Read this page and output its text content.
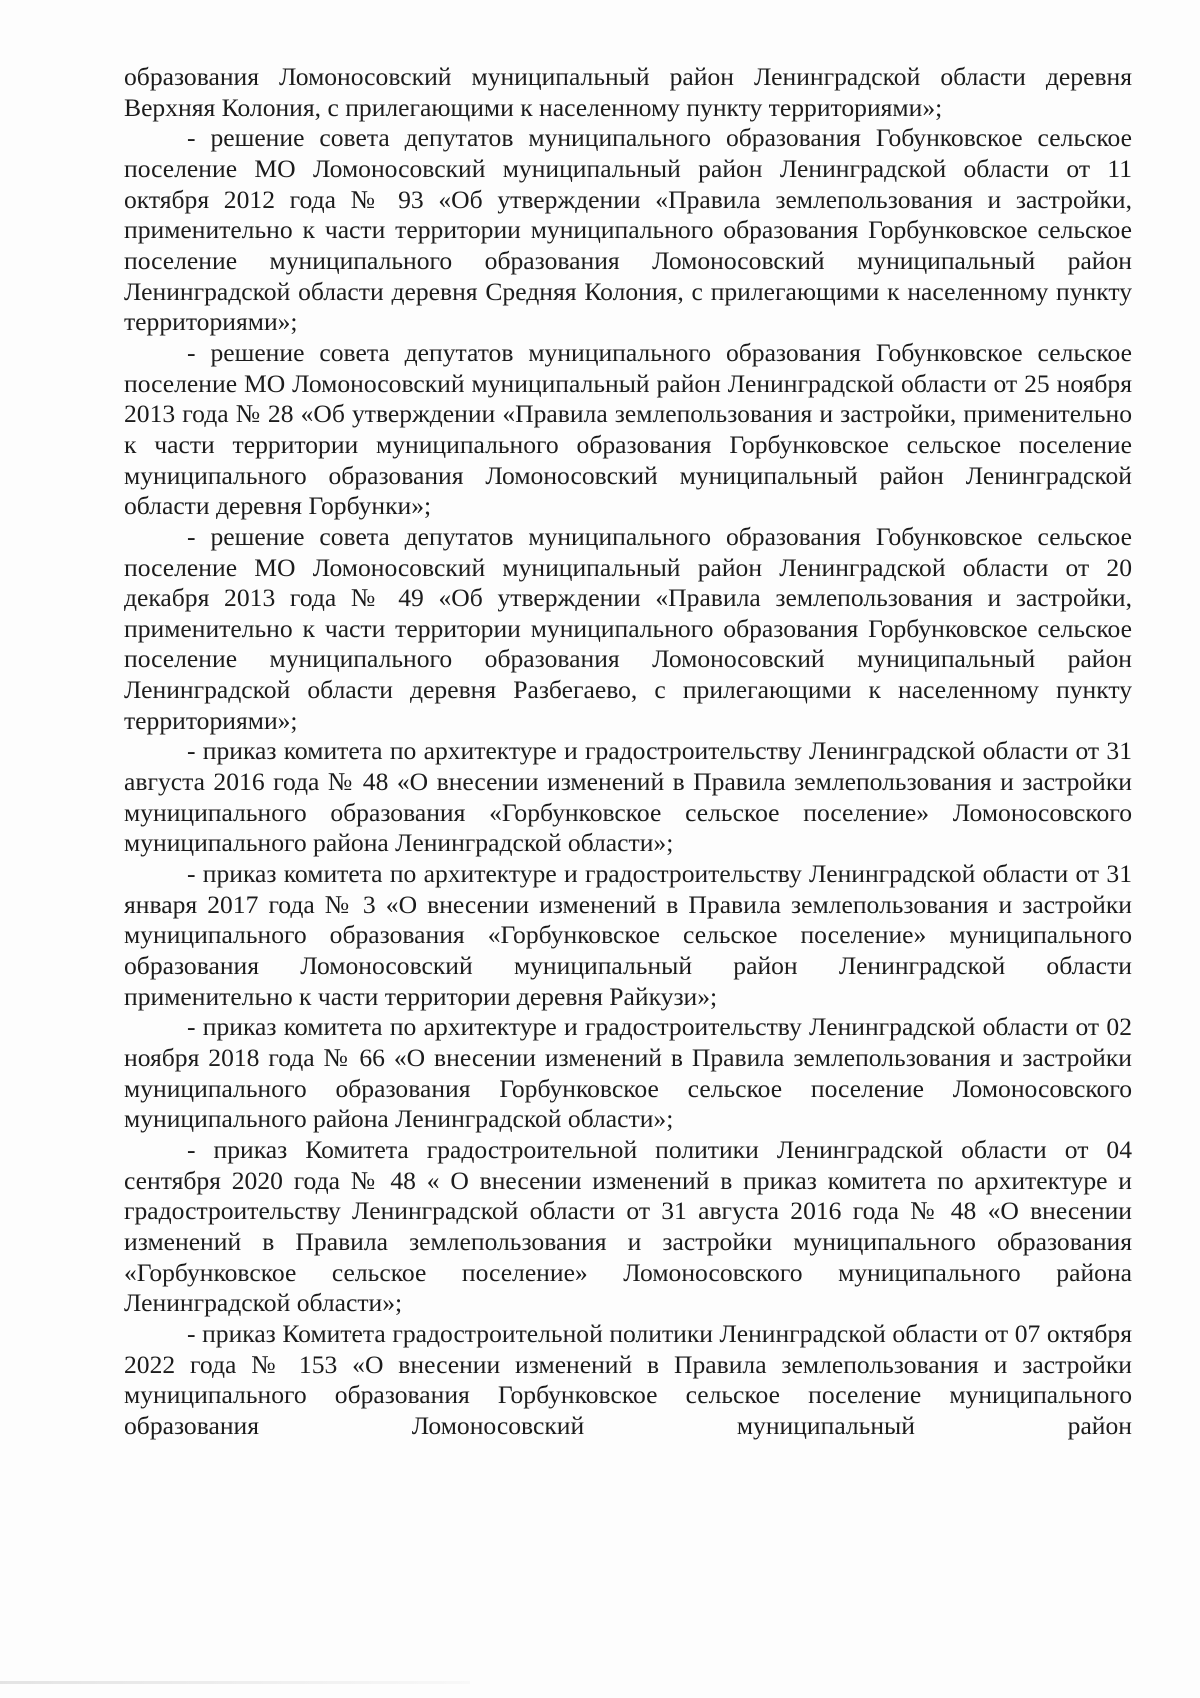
образования Ломоносовский муниципальный район Ленинградской области деревня Верхняя Колония, с прилегающими к населенному пункту территориями»;

- решение совета депутатов муниципального образования Гобунковское сельское поселение МО Ломоносовский муниципальный район Ленинградской области от 11 октября 2012 года № 93 «Об утверждении «Правила землепользования и застройки, применительно к части территории муниципального образования Горбунковское сельское поселение муниципального образования Ломоносовский муниципальный район Ленинградской области деревня Средняя Колония, с прилегающими к населенному пункту территориями»;

- решение совета депутатов муниципального образования Гобунковское сельское поселение МО Ломоносовский муниципальный район Ленинградской области от 25 ноября 2013 года № 28 «Об утверждении «Правила землепользования и застройки, применительно к части территории муниципального образования Горбунковское сельское поселение муниципального образования Ломоносовский муниципальный район Ленинградской области деревня Горбунки»;

- решение совета депутатов муниципального образования Гобунковское сельское поселение МО Ломоносовский муниципальный район Ленинградской области от 20 декабря 2013 года № 49 «Об утверждении «Правила землепользования и застройки, применительно к части территории муниципального образования Горбунковское сельское поселение муниципального образования Ломоносовский муниципальный район Ленинградской области деревня Разбегаево, с прилегающими к населенному пункту территориями»;

- приказ комитета по архитектуре и градостроительству Ленинградской области от 31 августа 2016 года № 48 «О внесении изменений в Правила землепользования и застройки муниципального образования «Горбунковское сельское поселение» Ломоносовского муниципального района Ленинградской области»;

- приказ комитета по архитектуре и градостроительству Ленинградской области от 31 января 2017 года № 3 «О внесении изменений в Правила землепользования и застройки муниципального образования «Горбунковское сельское поселение» муниципального образования Ломоносовский муниципальный район Ленинградской области применительно к части территории деревня Райкузи»;

- приказ комитета по архитектуре и градостроительству Ленинградской области от 02 ноября 2018 года № 66 «О внесении изменений в Правила землепользования и застройки муниципального образования Горбунковское сельское поселение Ломоносовского муниципального района Ленинградской области»;

- приказ Комитета градостроительной политики Ленинградской области от 04 сентября 2020 года № 48 « О внесении изменений в приказ комитета по архитектуре и градостроительству Ленинградской области от 31 августа 2016 года № 48 «О внесении изменений в Правила землепользования и застройки муниципального образования «Горбунковское сельское поселение» Ломоносовского муниципального района Ленинградской области»;

- приказ Комитета градостроительной политики Ленинградской области от 07 октября 2022 года № 153 «О внесении изменений в Правила землепользования и застройки муниципального образования Горбунковское сельское поселение муниципального образования Ломоносовский муниципальный район
